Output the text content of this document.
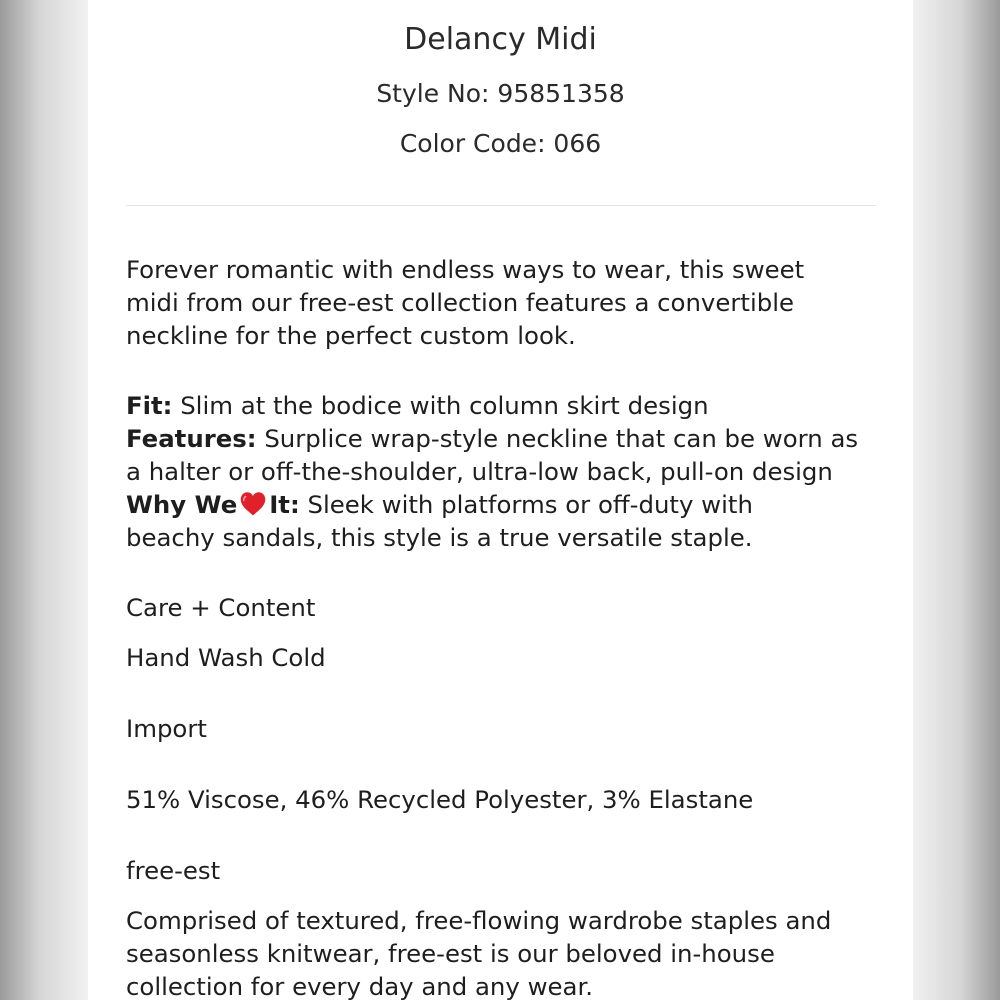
Delancy Midi
Style No: 95851358
Color Code: 066
Forever romantic with endless ways to wear, this sweet
midi from our free-est collection features a convertible
neckline for the perfect custom look.
Fit: Slim at the bodice with column skirt design
Features: Surplice wrap-style neckline that can be worn as
a halter or off-the-shoulder, ultra-low back, pull-on design
Why We It: Sleek with platforms or off-duty with
beachy sandals, this style is a true versatile staple.
Care + Content
Hand Wash Cold
Import
51% Viscose, 46% Recycled Polyester, 3% Elastane
free-est
Comprised of textured, free-flowing wardrobe staples and
seasonless knitwear, free-est is our beloved in-house
collection for every day and any wear.
